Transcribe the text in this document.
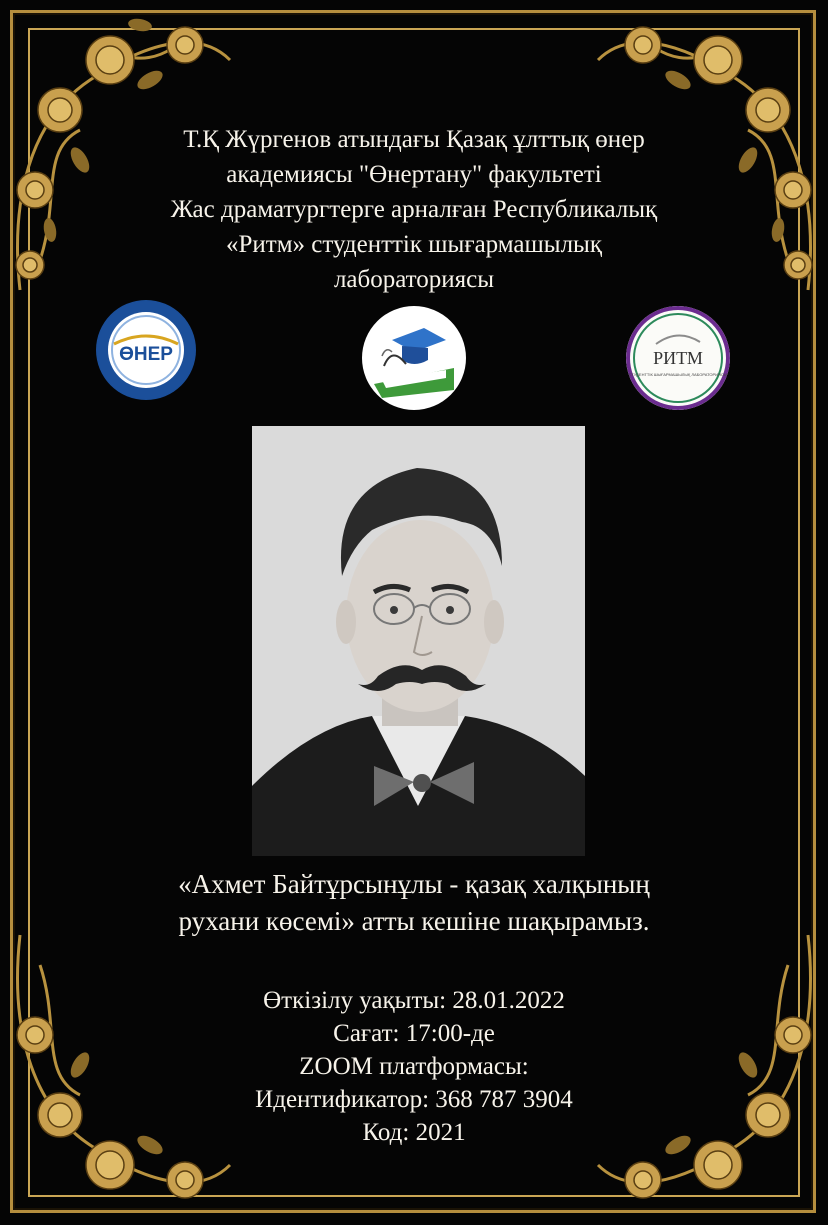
Т.Қ Жүргенов атындағы Қазақ ұлттық өнер
академиясы "Өнертану" факультеті
Жас драматургтерге арналған Республикалық
«Ритм» студенттік шығармашылық
лабораториясы
ӨНЕР	РИТМ
СТУДЕНТТІК ШЫҒАРМАШЫЛЫҚ ЛАБОРАТОРИЯСЫ
«Ахмет Байтұрсынұлы - қазақ халқының
рухани көсемі» атты кешіне шақырамыз.
Өткізілу уақыты: 28.01.2022
Сағат: 17:00-де
ZOOM платформасы:
Идентификатор: 368 787 3904
Код: 2021
